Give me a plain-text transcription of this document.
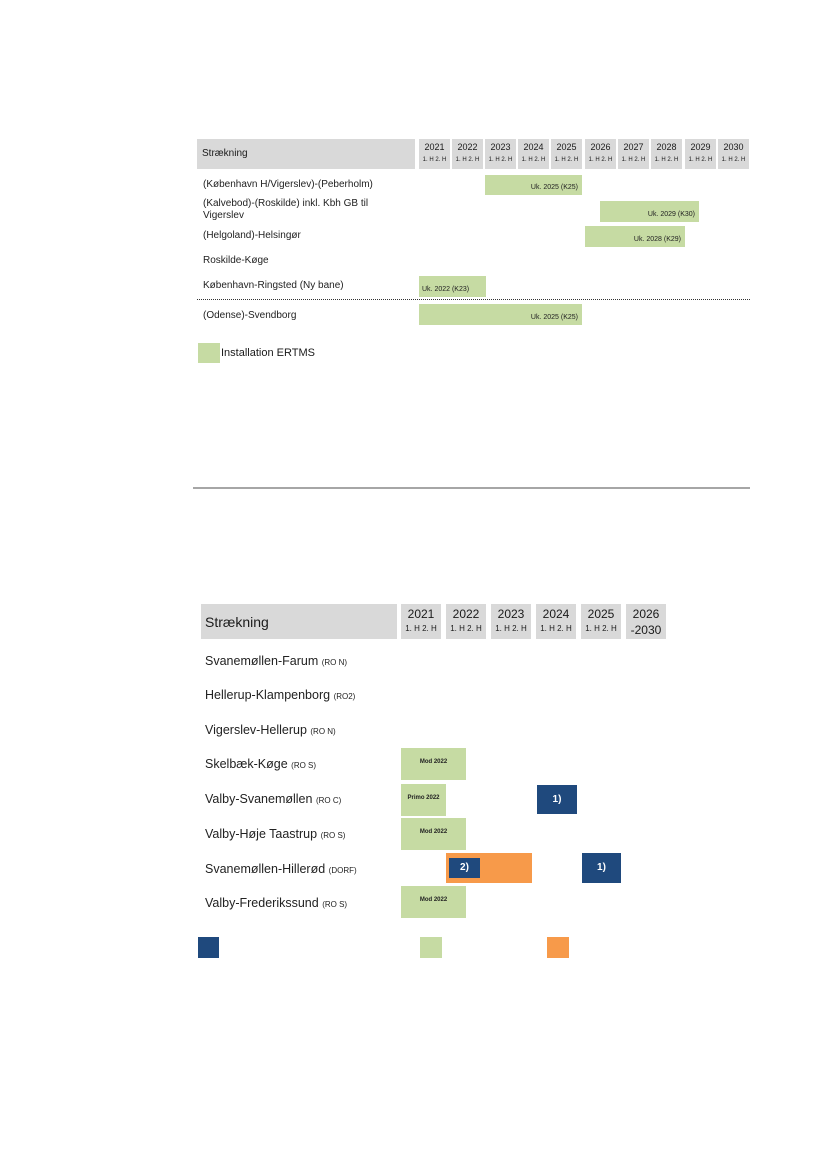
Strækning
2021
1. H 2. H
2022
1. H 2. H
2023
1. H 2. H
2024
1. H 2. H
2025
1. H 2. H
2026
1. H 2. H
2027
1. H 2. H
2028
1. H 2. H
2029
1. H 2. H
2030
1. H 2. H
(København H/Vigerslev)-(Peberholm)
(Kalvebod)-(Roskilde) inkl. Kbh GB til Vigerslev
(Helgoland)-Helsingør
Roskilde-Køge
København-Ringsted (Ny bane)
(Odense)-Svendborg
Uk. 2025 (K25)
Uk. 2029 (K30)
Uk. 2028 (K29)
Uk. 2022 (K23)
Uk. 2025 (K25)
Installation ERTMS
Strækning	2021
1. H 2. H
2022
1. H 2. H
2023
1. H 2. H
2024
1. H 2. H
2025
1. H 2. H
2026
-2030
Svanemøllen-Farum (RO N)
Hellerup-Klampenborg (RO2)
Vigerslev-Hellerup (RO N)
Skelbæk-Køge (RO S)
Valby-Svanemøllen (RO C)
Valby-Høje Taastrup (RO S)
Svanemøllen-Hillerød (DORF)
Valby-Frederikssund (RO S)
Mod 2022
Primo 2022
Mod 2022
Mod 2022
1)
2)	1)
